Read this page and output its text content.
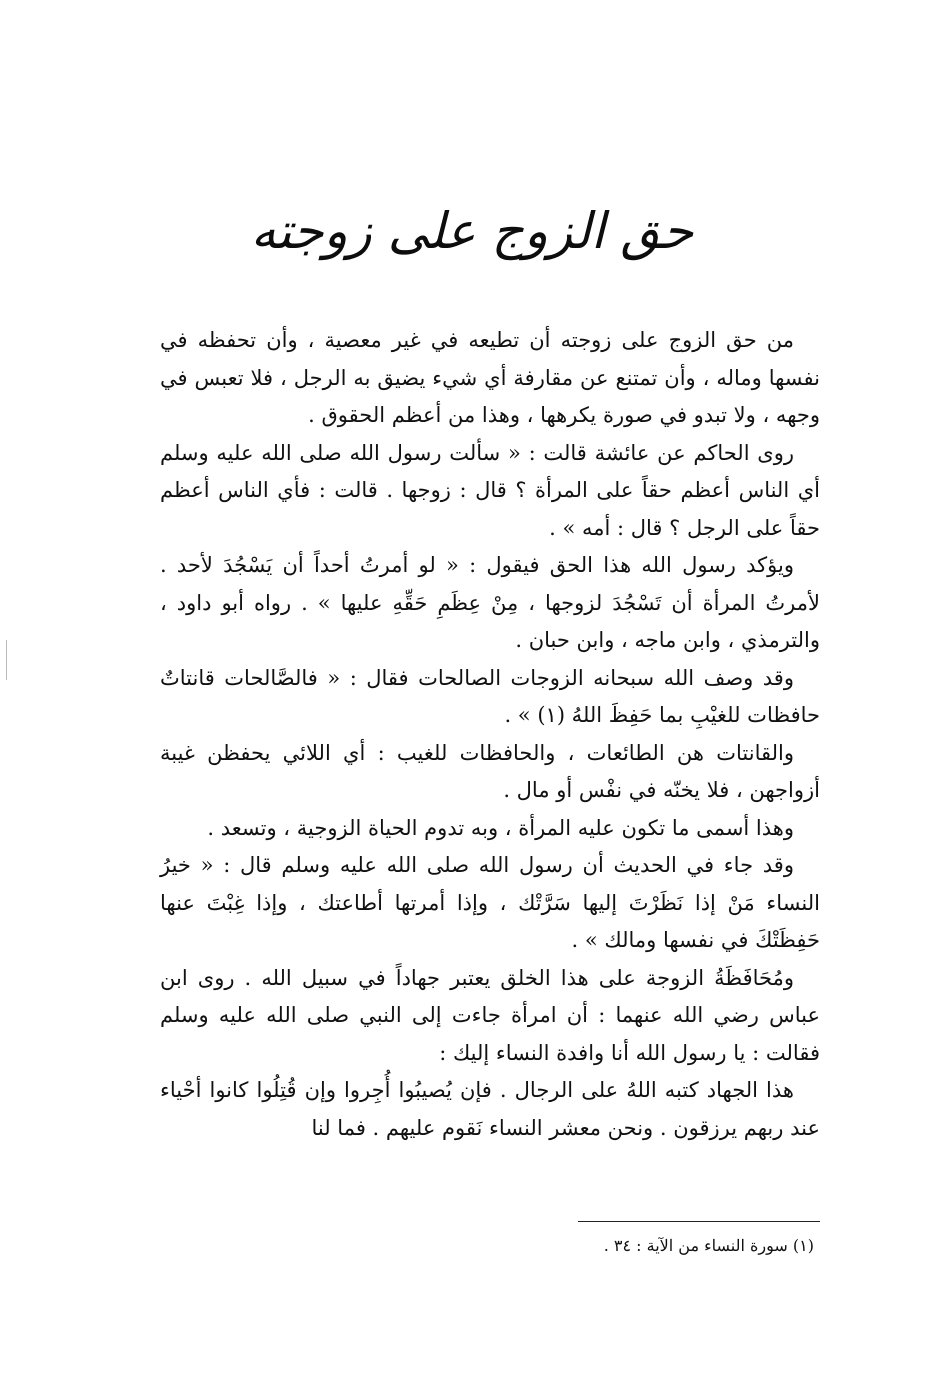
حق الزوج على زوجته

من حق الزوج على زوجته أن تطيعه في غير معصية ، وأن تحفظه في نفسها وماله ، وأن تمتنع عن مقارفة أي شيء يضيق به الرجل ، فلا تعبس في وجهه ، ولا تبدو في صورة يكرهها ، وهذا من أعظم الحقوق .

روى الحاكم عن عائشة قالت : « سألت رسول الله صلى الله عليه وسلم أي الناس أعظم حقاً على المرأة ؟ قال : زوجها . قالت : فأي الناس أعظم حقاً على الرجل ؟ قال : أمه » .

ويؤكد رسول الله هذا الحق فيقول : « لو أمرتُ أحداً أن يَسْجُدَ لأحد . لأمرتُ المرأة أن تَسْجُدَ لزوجها ، مِنْ عِظَمِ حَقِّهِ عليها » . رواه أبو داود ، والترمذي ، وابن ماجه ، وابن حبان .

وقد وصف الله سبحانه الزوجات الصالحات فقال : « فالصَّالحات قانتاتٌ حافظات للغيْبِ بما حَفِظَ اللهُ (١) » .

والقانتات هن الطائعات ، والحافظات للغيب : أي اللائي يحفظن غيبة أزواجهن ، فلا يخنّه في نفْس أو مال .

وهذا أسمى ما تكون عليه المرأة ، وبه تدوم الحياة الزوجية ، وتسعد .

وقد جاء في الحديث أن رسول الله صلى الله عليه وسلم قال : « خيرُ النساء مَنْ إذا نَظَرْتَ إليها سَرَّتْك ، وإذا أمرتها أطاعتك ، وإذا غِبْتَ عنها حَفِظَتْكَ في نفسها ومالك » .

ومُحَافَظَةُ الزوجة على هذا الخلق يعتبر جهاداً في سبيل الله . روى ابن عباس رضي الله عنهما : أن امرأة جاءت إلى النبي صلى الله عليه وسلم فقالت : يا رسول الله أنا وافدة النساء إليك :

هذا الجهاد كتبه اللهُ على الرجال . فإن يُصيبُوا أُجِروا وإن قُتِلُوا كانوا أحْياء عند ربهم يرزقون . ونحن معشر النساء نَقوم عليهم . فما لنا

(١) سورة النساء من الآية : ٣٤ .
